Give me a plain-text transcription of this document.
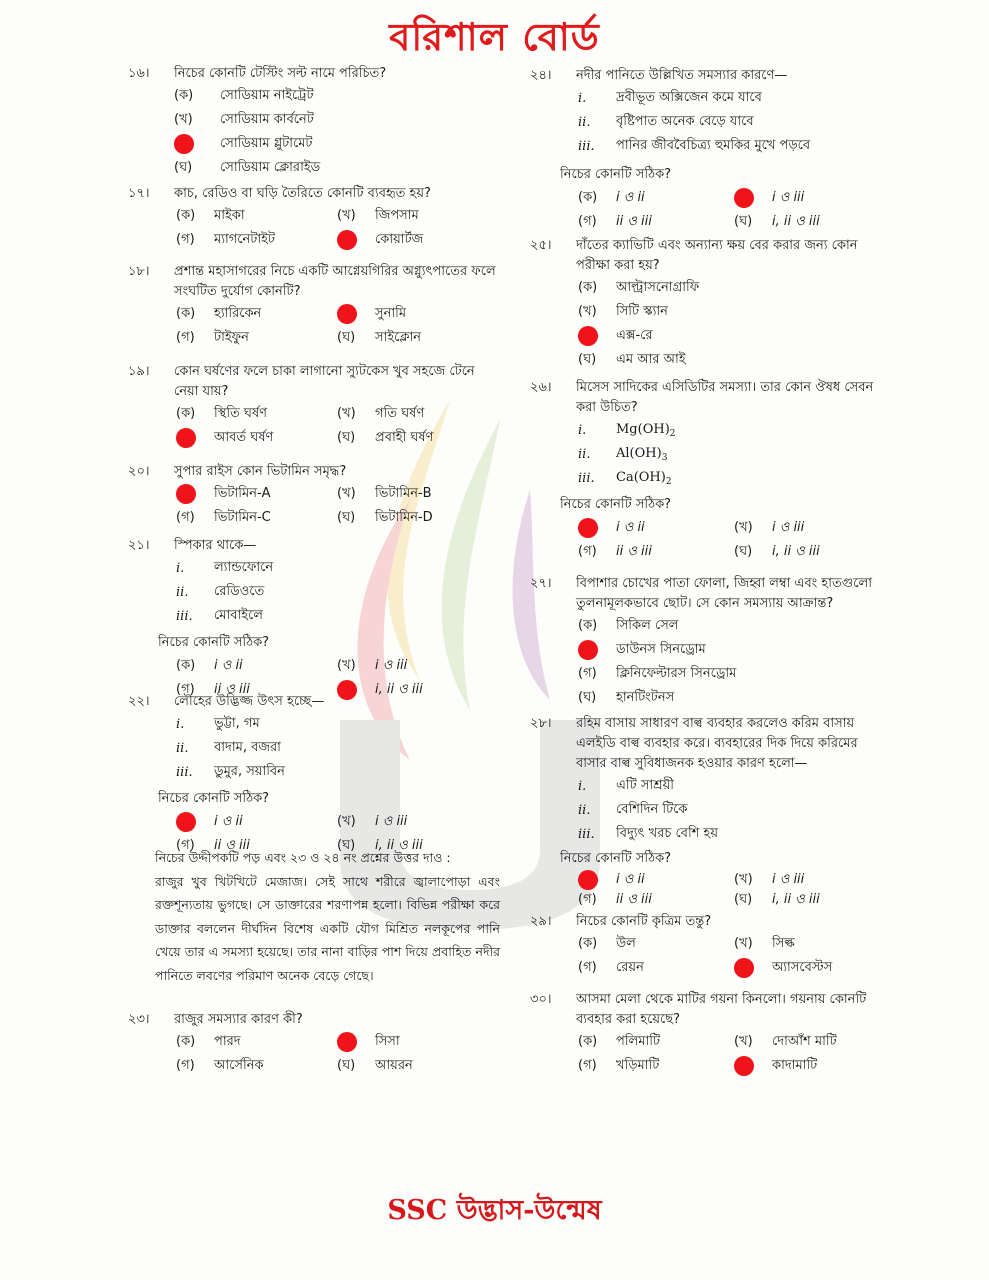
বরিশাল বোর্ড
১৬।	নিচের কোনটি টেস্টিং সল্ট নামে পরিচিত?
(ক)	সোডিয়াম নাইট্রেট
(খ)	সোডিয়াম কার্বনেট
সোডিয়াম গ্লুটামেট
(ঘ)	সোডিয়াম ক্লোরাইড
১৭।	কাচ, রেডিও বা ঘড়ি তৈরিতে কোনটি ব্যবহৃত হয়?
(ক)	মাইকা	(খ)	জিপসাম
(গ)	ম্যাগনেটাইট	কোয়ার্টজ
১৮।	প্রশান্ত মহাসাগরের নিচে একটি আগ্নেয়গিরির অগ্ন্যুৎপাতের ফলে সংঘটিত দুর্যোগ কোনটি?
(ক)	হ্যারিকেন	সুনামি
(গ)	টাইফুন	(ঘ)	সাইক্লোন
১৯।	কোন ঘর্ষণের ফলে চাকা লাগানো স্যুটকেস খুব সহজে টেনে নেয়া যায়?
(ক)	স্থিতি ঘর্ষণ	(খ)	গতি ঘর্ষণ
আবর্ত ঘর্ষণ	(ঘ)	প্রবাহী ঘর্ষণ
২০।	সুপার রাইস কোন ভিটামিন সমৃদ্ধ?
ভিটামিন-A	(খ)	ভিটামিন-B
(গ)	ভিটামিন-C	(ঘ)	ভিটামিন-D
২১।	স্পিকার থাকে—
i.	ল্যান্ডফোনে
ii.	রেডিওতে
iii.	মোবাইলে
নিচের কোনটি সঠিক?
(ক)	i ও ii	(খ)	i ও iii
(গ)	ii ও iii	i, ii ও iii
২২।	লৌহের উদ্ভিজ্জ উৎস হচ্ছে—
i.	ভুট্টা, গম
ii.	বাদাম, বজরা
iii.	ডুমুর, সয়াবিন
নিচের কোনটি সঠিক?
i ও ii	(খ)	i ও iii
(গ)	ii ও iii	(ঘ)	i, ii ও iii
নিচের উদ্দীপকটি পড় এবং ২৩ ও ২৪ নং প্রশ্নের উত্তর দাও :
রাজুর খুব খিটখিটে মেজাজ। সেই সাথে শরীরে জ্বালাপোড়া এবং রক্তশূন্যতায় ভুগছে। সে ডাক্তারের শরণাপন্ন হলো। বিভিন্ন পরীক্ষা করে ডাক্তার বললেন দীর্ঘদিন বিশেষ একটি যৌগ মিশ্রিত নলকূপের পানি খেয়ে তার এ সমস্যা হয়েছে। তার নানা বাড়ির পাশ দিয়ে প্রবাহিত নদীর পানিতে লবণের পরিমাণ অনেক বেড়ে গেছে।
২৩।	রাজুর সমস্যার কারণ কী?
(ক)	পারদ	সিসা
(গ)	আর্সেনিক	(ঘ)	আয়রন
২৪।	নদীর পানিতে উল্লিখিত সমস্যার কারণে—
i.	দ্রবীভূত অক্সিজেন কমে যাবে
ii.	বৃষ্টিপাত অনেক বেড়ে যাবে
iii.	পানির জীববৈচিত্র্য হুমকির মুখে পড়বে
নিচের কোনটি সঠিক?
(ক)	i ও ii	i ও iii
(গ)	ii ও iii	(ঘ)	i, ii ও iii
২৫।	দাঁতের ক্যাভিটি এবং অন্যান্য ক্ষয় বের করার জন্য কোন পরীক্ষা করা হয়?
(ক)	আল্ট্রাসনোগ্রাফি
(খ)	সিটি স্ক্যান
এক্স-রে
(ঘ)	এম আর আই
২৬।	মিসেস সাদিকের এসিডিটির সমস্যা। তার কোন ঔষধ সেবন করা উচিত?
i.	$Mg(OH)_2$
ii.	$Al(OH)_3$
iii.	$Ca(OH)_2$
নিচের কোনটি সঠিক?
i ও ii	(খ)	i ও iii
(গ)	ii ও iii	(ঘ)	i, ii ও iii
২৭।	বিপাশার চোখের পাতা ফোলা, জিহ্বা লম্বা এবং হাতগুলো তুলনামূলকভাবে ছোট। সে কোন সমস্যায় আক্রান্ত?
(ক)	সিকিল সেল
ডাউনস সিনড্রোম
(গ)	ক্লিনিফেল্টারস সিনড্রোম
(ঘ)	হানটিংটনস
২৮।	রহিম বাসায় সাধারণ বাল্ব ব্যবহার করলেও করিম বাসায় এলইডি বাল্ব ব্যবহার করে। ব্যবহারের দিক দিয়ে করিমের বাসার বাল্ব সুবিধাজনক হওয়ার কারণ হলো—
i.	এটি সাশ্রয়ী
ii.	বেশিদিন টিকে
iii.	বিদ্যুৎ খরচ বেশি হয়
নিচের কোনটি সঠিক?
i ও ii	(খ)	i ও iii
(গ)	ii ও iii	(ঘ)	i, ii ও iii
২৯।	নিচের কোনটি কৃত্রিম তন্তু?
(ক)	উল	(খ)	সিল্ক
(গ)	রেয়ন	অ্যাসবেস্টস
৩০।	আসমা মেলা থেকে মাটির গয়না কিনলো। গয়নায় কোনটি ব্যবহার করা হয়েছে?
(ক)	পলিমাটি	(খ)	দোআঁশ মাটি
(গ)	খড়িমাটি	কাদামাটি
SSC উদ্ভাস-উন্মেষ
